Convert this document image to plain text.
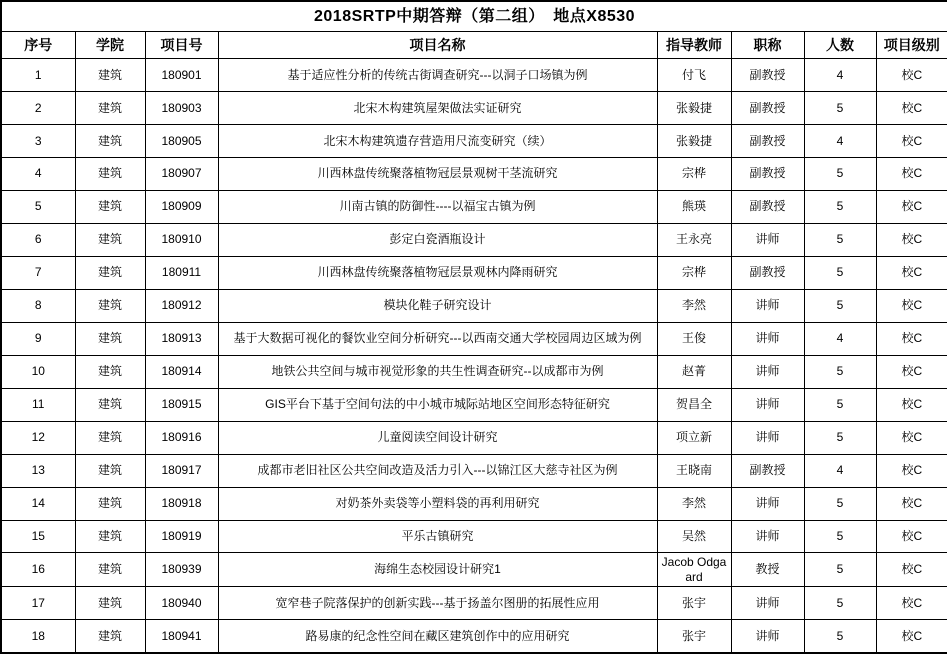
2018SRTP中期答辩（第二组）　地点X8530							
序号	学院	项目号	项目名称	指导教师	职称	人数	项目级别
1	建筑	180901	基于适应性分析的传统古街调查研究---以洞子口场镇为例	付飞	副教授	4	校C
2	建筑	180903	北宋木构建筑屋架做法实证研究	张毅捷	副教授	5	校C
3	建筑	180905	北宋木构建筑遗存营造用尺流变研究（续）	张毅捷	副教授	4	校C
4	建筑	180907	川西林盘传统聚落植物冠层景观树干茎流研究	宗桦	副教授	5	校C
5	建筑	180909	川南古镇的防御性----以福宝古镇为例	熊瑛	副教授	5	校C
6	建筑	180910	彭定白瓷酒瓶设计	王永亮	讲师	5	校C
7	建筑	180911	川西林盘传统聚落植物冠层景观林内降雨研究	宗桦	副教授	5	校C
8	建筑	180912	模块化鞋子研究设计	李然	讲师	5	校C
9	建筑	180913	基于大数据可视化的餐饮业空间分析研究---以西南交通大学校园周边区域为例	王俊	讲师	4	校C
10	建筑	180914	地铁公共空间与城市视觉形象的共生性调查研究--以成都市为例	赵菁	讲师	5	校C
11	建筑	180915	GIS平台下基于空间句法的中小城市城际站地区空间形态特征研究	贺昌全	讲师	5	校C
12	建筑	180916	儿童阅读空间设计研究	项立新	讲师	5	校C
13	建筑	180917	成都市老旧社区公共空间改造及活力引入---以锦江区大慈寺社区为例	王晓南	副教授	4	校C
14	建筑	180918	对奶茶外卖袋等小塑料袋的再利用研究	李然	讲师	5	校C
15	建筑	180919	平乐古镇研究	吴然	讲师	5	校C
16	建筑	180939	海绵生态校园设计研究1	Jacob Odgaard	教授	5	校C
17	建筑	180940	宽窄巷子院落保护的创新实践---基于扬盖尔图册的拓展性应用	张宇	讲师	5	校C
18	建筑	180941	路易康的纪念性空间在藏区建筑创作中的应用研究	张宇	讲师	5	校C
